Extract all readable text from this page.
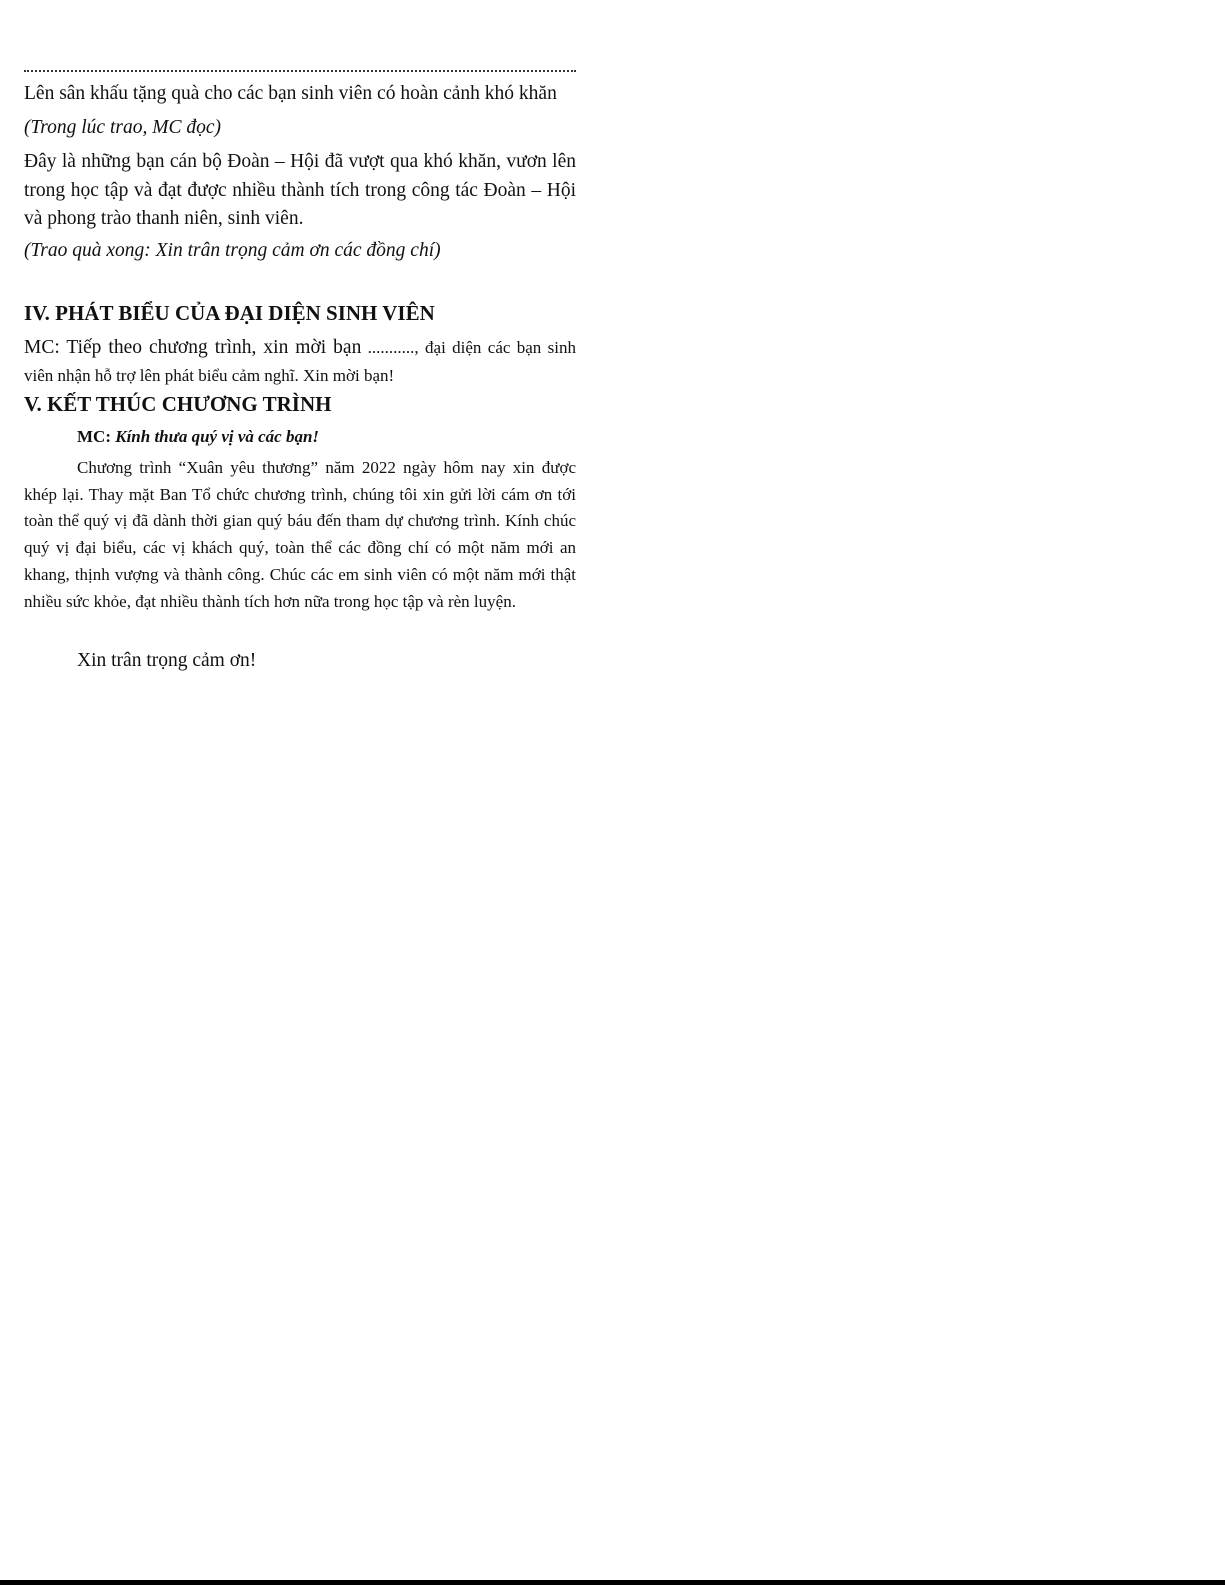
Lên sân khấu tặng quà cho các bạn sinh viên có hoàn cảnh khó khăn
(Trong lúc trao, MC đọc)
Đây là những bạn cán bộ Đoàn – Hội đã vượt qua khó khăn, vươn lên trong học tập và đạt được nhiều thành tích trong công tác Đoàn – Hội và phong trào thanh niên, sinh viên.
(Trao quà xong: Xin trân trọng cảm ơn các đồng chí)
IV. PHÁT BIỂU CỦA ĐẠI DIỆN SINH VIÊN
MC: Tiếp theo chương trình, xin mời bạn ..........., đại diện các bạn sinh viên nhận hỗ trợ lên phát biểu cảm nghĩ. Xin mời bạn!
V. KẾT THÚC CHƯƠNG TRÌNH
MC: Kính thưa quý vị và các bạn!
Chương trình “Xuân yêu thương” năm 2022 ngày hôm nay xin được khép lại. Thay mặt Ban Tổ chức chương trình, chúng tôi xin gửi lời cám ơn tới toàn thể quý vị đã dành thời gian quý báu đến tham dự chương trình. Kính chúc quý vị đại biểu, các vị khách quý, toàn thể các đồng chí có một năm mới an khang, thịnh vượng và thành công. Chúc các em sinh viên có một năm mới thật nhiều sức khỏe, đạt nhiều thành tích hơn nữa trong học tập và rèn luyện.
Xin trân trọng cảm ơn!
